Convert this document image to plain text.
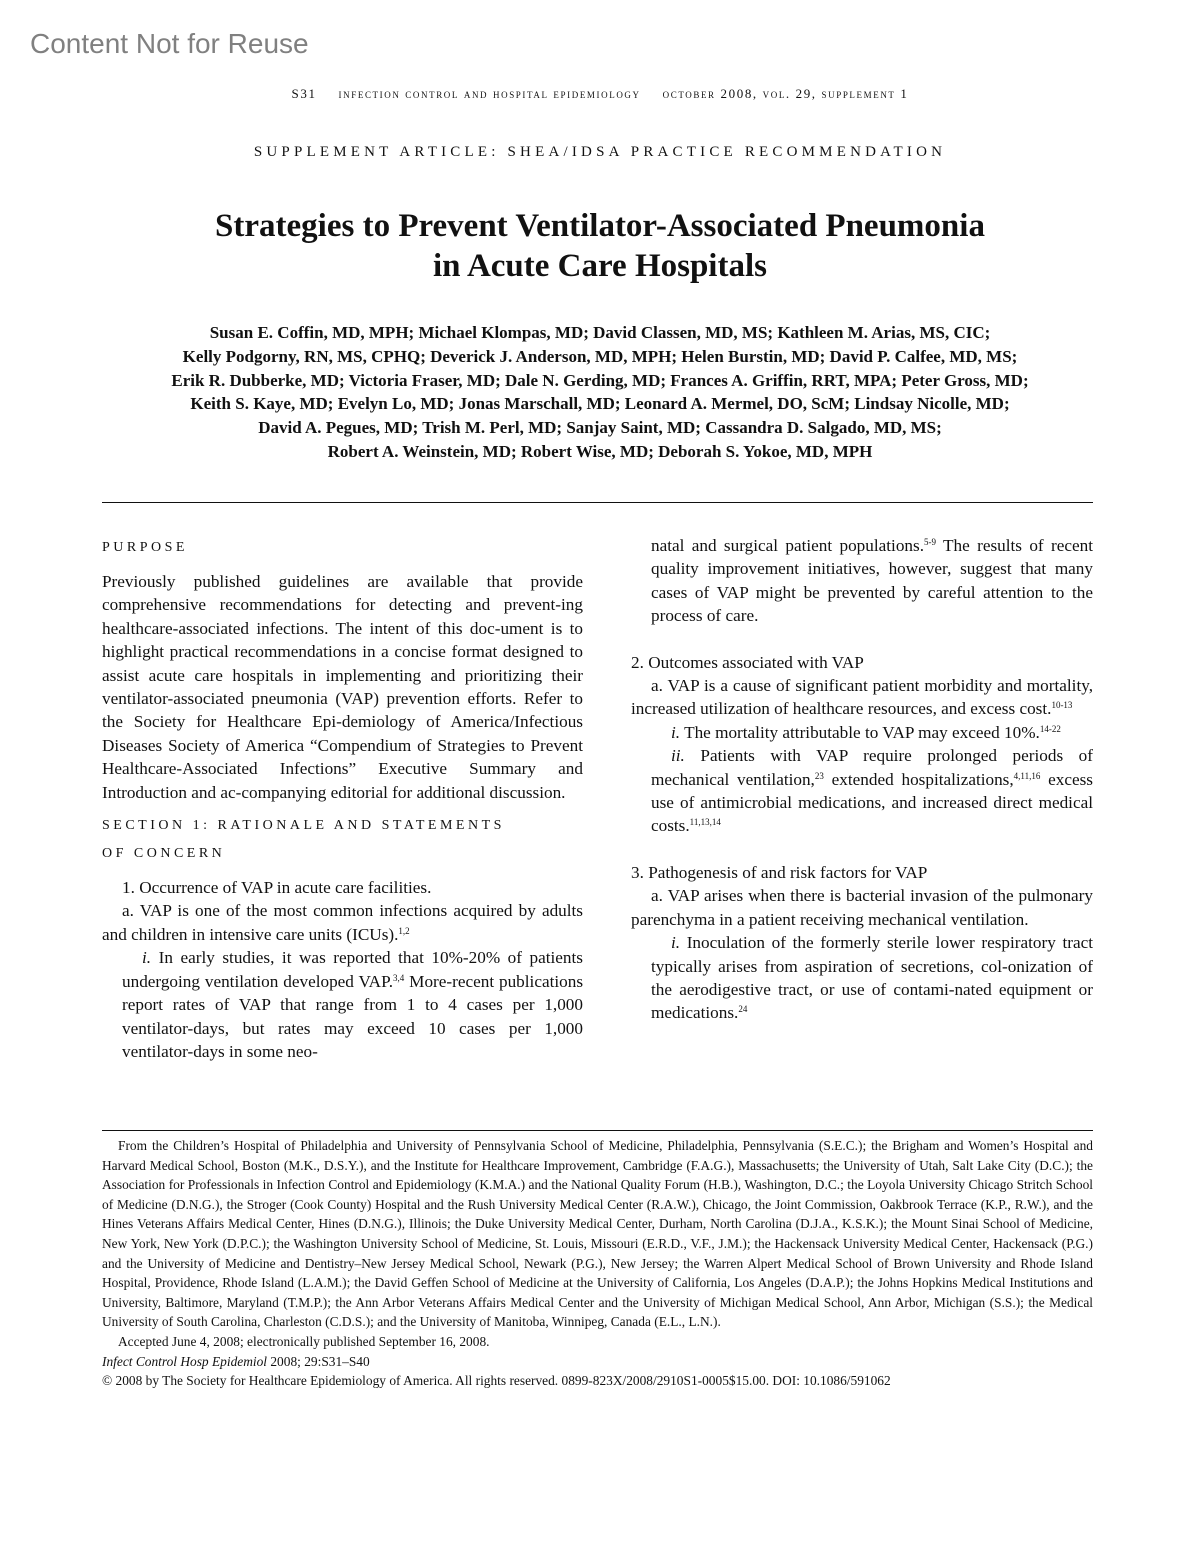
Content Not for Reuse
S31 infection control and hospital epidemiology october 2008, vol. 29, supplement 1
SUPPLEMENT ARTICLE: SHEA/IDSA PRACTICE RECOMMENDATION
Strategies to Prevent Ventilator-Associated Pneumonia
in Acute Care Hospitals
Susan E. Coffin, MD, MPH; Michael Klompas, MD; David Classen, MD, MS; Kathleen M. Arias, MS, CIC;
Kelly Podgorny, RN, MS, CPHQ; Deverick J. Anderson, MD, MPH; Helen Burstin, MD; David P. Calfee, MD, MS;
Erik R. Dubberke, MD; Victoria Fraser, MD; Dale N. Gerding, MD; Frances A. Griffin, RRT, MPA; Peter Gross, MD;
Keith S. Kaye, MD; Evelyn Lo, MD; Jonas Marschall, MD; Leonard A. Mermel, DO, ScM; Lindsay Nicolle, MD;
David A. Pegues, MD; Trish M. Perl, MD; Sanjay Saint, MD; Cassandra D. Salgado, MD, MS;
Robert A. Weinstein, MD; Robert Wise, MD; Deborah S. Yokoe, MD, MPH
PURPOSE

Previously published guidelines are available that provide comprehensive recommendations for detecting and prevent-ing healthcare-associated infections. The intent of this doc-ument is to highlight practical recommendations in a concise format designed to assist acute care hospitals in implementing and prioritizing their ventilator-associated pneumonia (VAP) prevention efforts. Refer to the Society for Healthcare Epi-demiology of America/Infectious Diseases Society of America “Compendium of Strategies to Prevent Healthcare-Associated Infections” Executive Summary and Introduction and ac-companying editorial for additional discussion.

SECTION 1: RATIONALE AND STATEMENTS
OF CONCERN

1. Occurrence of VAP in acute care facilities.

a. VAP is one of the most common infections acquired by adults and children in intensive care units (ICUs).$^{1,2}$

i. In early studies, it was reported that 10%-20% of patients undergoing ventilation developed VAP.$^{3,4}$ More-recent publications report rates of VAP that range from 1 to 4 cases per 1,000 ventilator-days, but rates may exceed 10 cases per 1,000 ventilator-days in some neo-

natal and surgical patient populations.$^{5-9}$ The results of recent quality improvement initiatives, however, suggest that many cases of VAP might be prevented by careful attention to the process of care.

2. Outcomes associated with VAP

a. VAP is a cause of significant patient morbidity and mortality, increased utilization of healthcare resources, and excess cost.$^{10-13}$

i. The mortality attributable to VAP may exceed 10%.$^{14-22}$

ii. Patients with VAP require prolonged periods of mechanical ventilation,$^{23}$ extended hospitalizations,$^{4,11,16}$ excess use of antimicrobial medications, and increased direct medical costs.$^{11,13,14}$

3. Pathogenesis of and risk factors for VAP

a. VAP arises when there is bacterial invasion of the pulmonary parenchyma in a patient receiving mechanical ventilation.

i. Inoculation of the formerly sterile lower respiratory tract typically arises from aspiration of secretions, col-onization of the aerodigestive tract, or use of contami-nated equipment or medications.$^{24}$

From the Children’s Hospital of Philadelphia and University of Pennsylvania School of Medicine, Philadelphia, Pennsylvania (S.E.C.); the Brigham and Women’s Hospital and Harvard Medical School, Boston (M.K., D.S.Y.), and the Institute for Healthcare Improvement, Cambridge (F.A.G.), Massachusetts; the University of Utah, Salt Lake City (D.C.); the Association for Professionals in Infection Control and Epidemiology (K.M.A.) and the National Quality Forum (H.B.), Washington, D.C.; the Loyola University Chicago Stritch School of Medicine (D.N.G.), the Stroger (Cook County) Hospital and the Rush University Medical Center (R.A.W.), Chicago, the Joint Commission, Oakbrook Terrace (K.P., R.W.), and the Hines Veterans Affairs Medical Center, Hines (D.N.G.), Illinois; the Duke University Medical Center, Durham, North Carolina (D.J.A., K.S.K.); the Mount Sinai School of Medicine, New York, New York (D.P.C.); the Washington University School of Medicine, St. Louis, Missouri (E.R.D., V.F., J.M.); the Hackensack University Medical Center, Hackensack (P.G.) and the University of Medicine and Dentistry–New Jersey Medical School, Newark (P.G.), New Jersey; the Warren Alpert Medical School of Brown University and Rhode Island Hospital, Providence, Rhode Island (L.A.M.); the David Geffen School of Medicine at the University of California, Los Angeles (D.A.P.); the Johns Hopkins Medical Institutions and University, Baltimore, Maryland (T.M.P.); the Ann Arbor Veterans Affairs Medical Center and the University of Michigan Medical School, Ann Arbor, Michigan (S.S.); the Medical University of South Carolina, Charleston (C.D.S.); and the University of Manitoba, Winnipeg, Canada (E.L., L.N.).

Accepted June 4, 2008; electronically published September 16, 2008.

Infect Control Hosp Epidemiol 2008; 29:S31–S40

© 2008 by The Society for Healthcare Epidemiology of America. All rights reserved. 0899-823X/2008/2910S1-0005$15.00. DOI: 10.1086/591062
